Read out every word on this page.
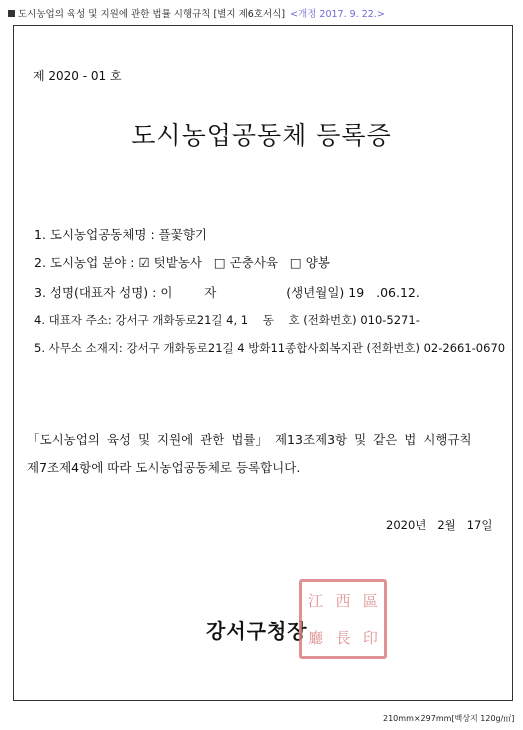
도시농업의 육성 및 지원에 관한 법률 시행규칙 [별지 제6호서식] <개정 2017. 9. 22.>
제 2020 - 01 호
도시농업공동체 등록증
1. 도시농업공동체명 : 플꽃향기
2. 도시농업 분야 : ☑ 텃밭농사 □ 곤충사육 □ 양봉
3. 성명(대표자 성명) : 이        자	(생년월일) 19   .06.12.
4. 대표자 주소: 강서구 개화동로21길 4, 1    동    호 (전화번호) 010-5271-
5. 사무소 소재지: 강서구 개화동로21길 4 방화11종합사회복지관 (전화번호) 02-2661-0670
「도시농업의 육성 및 지원에 관한 법률」 제13조제3항 및 같은 법 시행규칙
제7조제4항에 따라 도시농업공동체로 등록합니다.
2020년   2월   17일
강서구청장
江 西 區
廳 長 印
210mm×297mm[백상지 120g/㎡]
